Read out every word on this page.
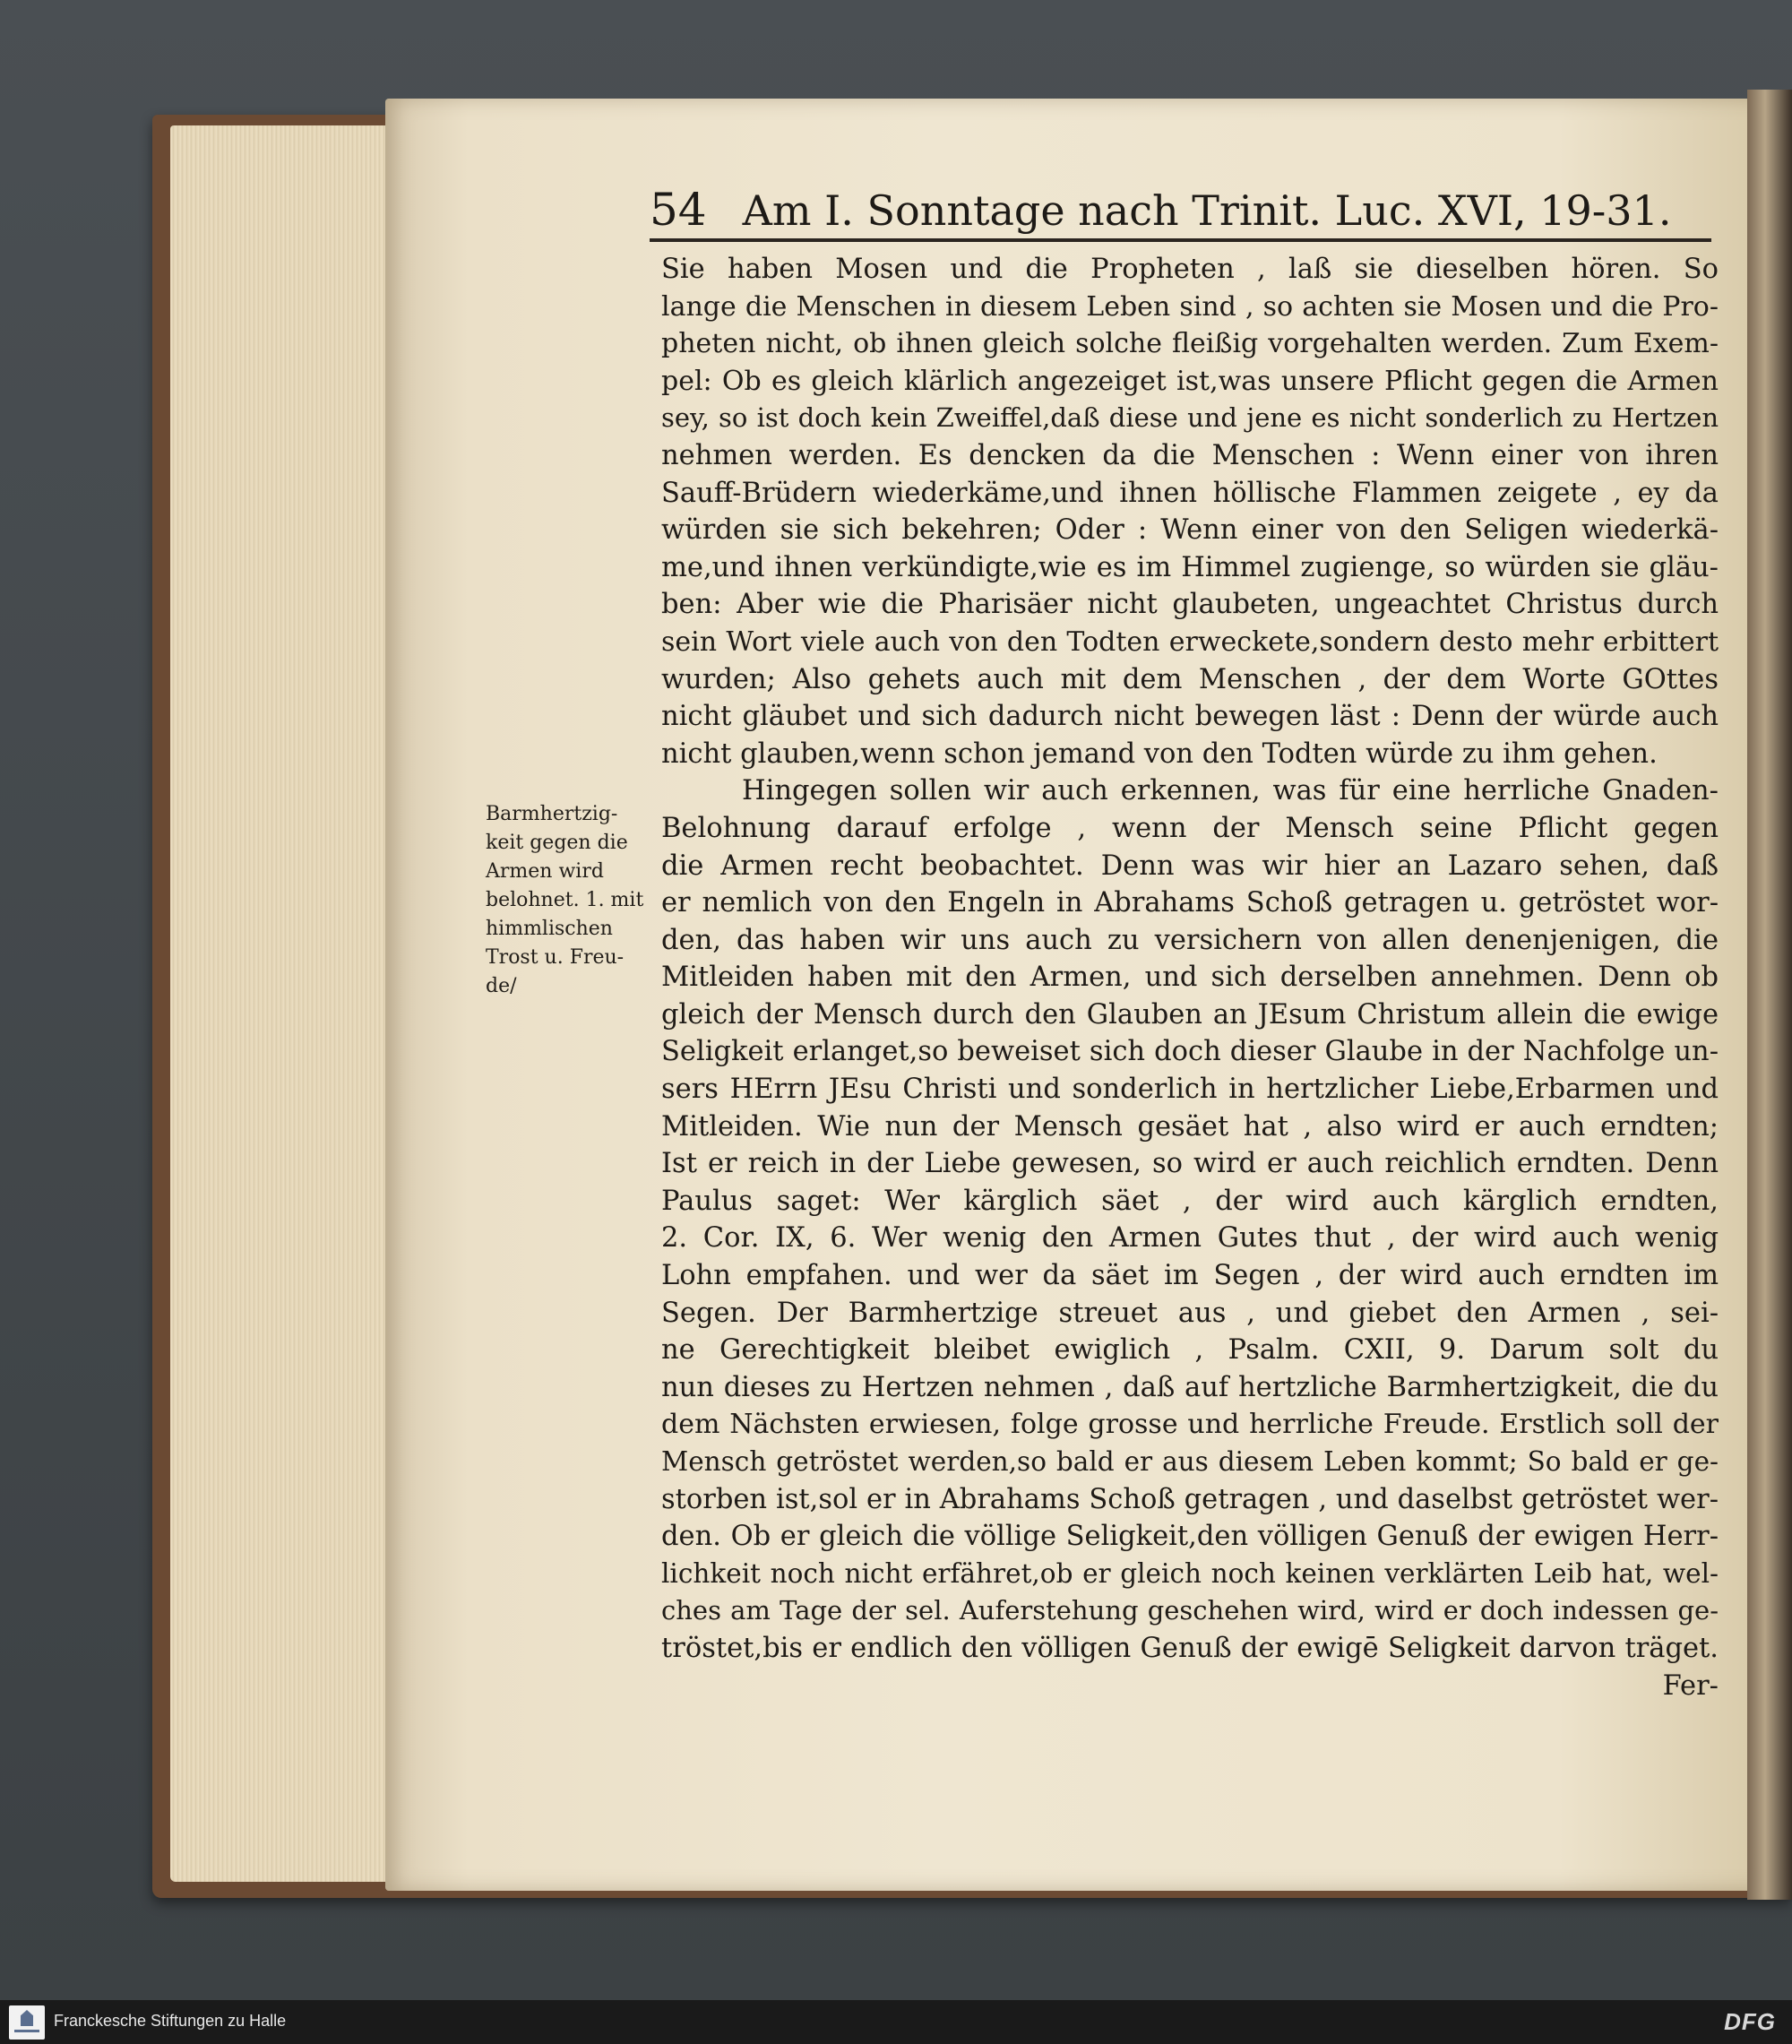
54 Am I. Sonntage nach Trinit. Luc. XVI, 19-31.
Barmhertzig-
keit gegen die
Armen wird
belohnet. 1. mit
himmlischen
Trost u. Freu-
de/
Sie haben Mosen und die Propheten , laß sie dieselben hören. So
lange die Menschen in diesem Leben sind , so achten sie Mosen und die Pro-
pheten nicht, ob ihnen gleich solche fleißig vorgehalten werden. Zum Exem-
pel: Ob es gleich klärlich angezeiget ist,was unsere Pflicht gegen die Armen
sey, so ist doch kein Zweiffel,daß diese und jene es nicht sonderlich zu Hertzen
nehmen werden. Es dencken da die Menschen : Wenn einer von ihren
Sauff-Brüdern wiederkäme,und ihnen höllische Flammen zeigete , ey da
würden sie sich bekehren; Oder : Wenn einer von den Seligen wiederkä-
me,und ihnen verkündigte,wie es im Himmel zugienge, so würden sie gläu-
ben: Aber wie die Pharisäer nicht glaubeten, ungeachtet Christus durch
sein Wort viele auch von den Todten erweckete,sondern desto mehr erbittert
wurden; Also gehets auch mit dem Menschen , der dem Worte GOttes
nicht gläubet und sich dadurch nicht bewegen läst : Denn der würde auch
nicht glauben,wenn schon jemand von den Todten würde zu ihm gehen.
Hingegen sollen wir auch erkennen, was für eine herrliche Gnaden-
Belohnung darauf erfolge , wenn der Mensch seine Pflicht gegen
die Armen recht beobachtet. Denn was wir hier an Lazaro sehen, daß
er nemlich von den Engeln in Abrahams Schoß getragen u. getröstet wor-
den, das haben wir uns auch zu versichern von allen denenjenigen, die
Mitleiden haben mit den Armen, und sich derselben annehmen. Denn ob
gleich der Mensch durch den Glauben an JEsum Christum allein die ewige
Seligkeit erlanget,so beweiset sich doch dieser Glaube in der Nachfolge un-
sers HErrn JEsu Christi und sonderlich in hertzlicher Liebe,Erbarmen und
Mitleiden. Wie nun der Mensch gesäet hat , also wird er auch erndten;
Ist er reich in der Liebe gewesen, so wird er auch reichlich erndten. Denn
Paulus saget: Wer kärglich säet , der wird auch kärglich erndten,
2. Cor. IX, 6. Wer wenig den Armen Gutes thut , der wird auch wenig
Lohn empfahen. und wer da säet im Segen , der wird auch erndten im
Segen. Der Barmhertzige streuet aus , und giebet den Armen , sei-
ne Gerechtigkeit bleibet ewiglich , Psalm. CXII, 9. Darum solt du
nun dieses zu Hertzen nehmen , daß auf hertzliche Barmhertzigkeit, die du
dem Nächsten erwiesen, folge grosse und herrliche Freude. Erstlich soll der
Mensch getröstet werden,so bald er aus diesem Leben kommt; So bald er ge-
storben ist,sol er in Abrahams Schoß getragen , und daselbst getröstet wer-
den. Ob er gleich die völlige Seligkeit,den völligen Genuß der ewigen Herr-
lichkeit noch nicht erfähret,ob er gleich noch keinen verklärten Leib hat, wel-
ches am Tage der sel. Auferstehung geschehen wird, wird er doch indessen ge-
tröstet,bis er endlich den völligen Genuß der ewigē Seligkeit darvon träget.
Fer-
Franckesche Stiftungen zu Halle	DFG
